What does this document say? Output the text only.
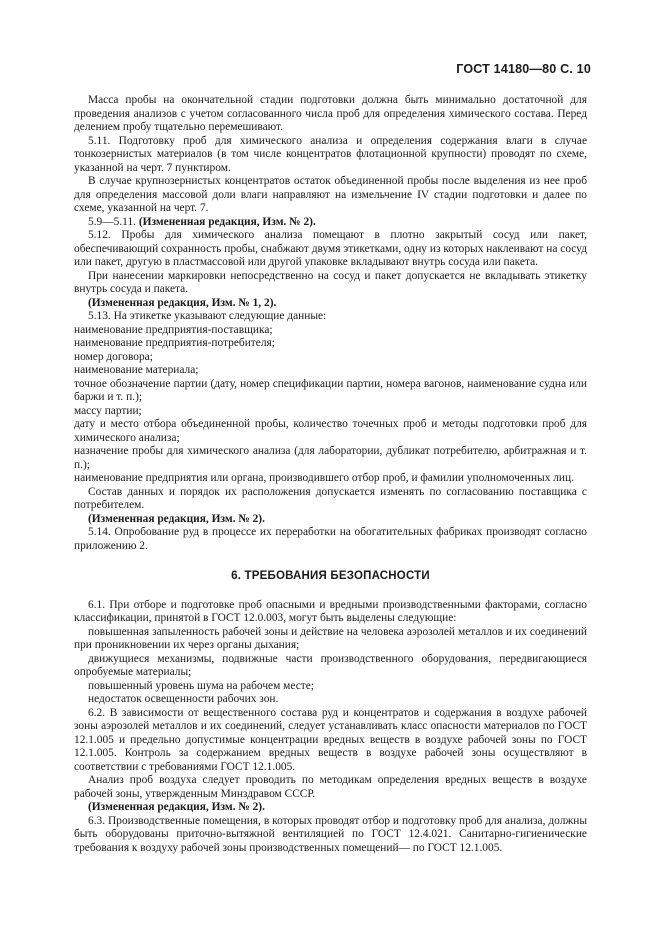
ГОСТ 14180—80 С. 10

Масса пробы на окончательной стадии подготовки должна быть минимально достаточной для проведения анализов с учетом согласованного числа проб для определения химического состава. Перед делением пробу тщательно перемешивают.

5.11. Подготовку проб для химического анализа и определения содержания влаги в случае тонкозернистых материалов (в том числе концентратов флотационной крупности) проводят по схеме, указанной на черт. 7 пунктиром.

В случае крупнозернистых концентратов остаток объединенной пробы после выделения из нее проб для определения массовой доли влаги направляют на измельчение IV стадии подготовки и далее по схеме, указанной на черт. 7.

5.9—5.11. (Измененная редакция, Изм. № 2).

5.12. Пробы для химического анализа помещают в плотно закрытый сосуд или пакет, обеспечивающий сохранность пробы, снабжают двумя этикетками, одну из которых наклеивают на сосуд или пакет, другую в пластмассовой или другой упаковке вкладывают внутрь сосуда или пакета.

При нанесении маркировки непосредственно на сосуд и пакет допускается не вкладывать этикетку внутрь сосуда и пакета.

(Измененная редакция, Изм. № 1, 2).

5.13. На этикетке указывают следующие данные:

наименование предприятия-поставщика;

наименование предприятия-потребителя;

номер договора;

наименование материала;

точное обозначение партии (дату, номер спецификации партии, номера вагонов, наименование судна или баржи и т. п.);

массу партии;

дату и место отбора объединенной пробы, количество точечных проб и методы подготовки проб для химического анализа;

назначение пробы для химического анализа (для лаборатории, дубликат потребителю, арбитражная и т. п.);

наименование предприятия или органа, производившего отбор проб, и фамилии уполномоченных лиц.

Состав данных и порядок их расположения допускается изменять по согласованию поставщика с потребителем.

(Измененная редакция, Изм. № 2).

5.14. Опробование руд в процессе их переработки на обогатительных фабриках производят согласно приложению 2.

6. ТРЕБОВАНИЯ БЕЗОПАСНОСТИ

6.1. При отборе и подготовке проб опасными и вредными производственными факторами, согласно классификации, принятой в ГОСТ 12.0.003, могут быть выделены следующие:

повышенная запыленность рабочей зоны и действие на человека аэрозолей металлов и их соединений при проникновении их через органы дыхания;

движущиеся механизмы, подвижные части производственного оборудования, передвигающиеся опробуемые материалы;

повышенный уровень шума на рабочем месте;

недостаток освещенности рабочих зон.

6.2. В зависимости от вещественного состава руд и концентратов и содержания в воздухе рабочей зоны аэрозолей металлов и их соединений, следует устанавливать класс опасности материалов по ГОСТ 12.1.005 и предельно допустимые концентрации вредных веществ в воздухе рабочей зоны по ГОСТ 12.1.005. Контроль за содержанием вредных веществ в воздухе рабочей зоны осуществляют в соответствии с требованиями ГОСТ 12.1.005.

Анализ проб воздуха следует проводить по методикам определения вредных веществ в воздухе рабочей зоны, утвержденным Минздравом СССР.

(Измененная редакция, Изм. № 2).

6.3. Производственные помещения, в которых проводят отбор и подготовку проб для анализа, должны быть оборудованы приточно-вытяжной вентиляцией по ГОСТ 12.4.021. Санитарно-гигиенические требования к воздуху рабочей зоны производственных помещений— по ГОСТ 12.1.005.
